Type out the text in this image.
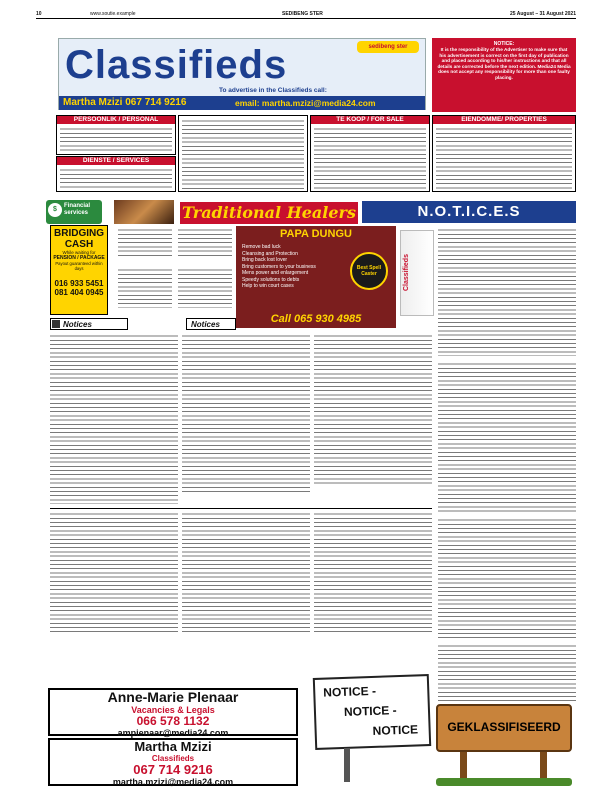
10	www.soutie.example	SEDIBENG STER	25 August – 31 August 2021
Classifieds	sedibeng ster
To advertise in the Classifieds call:
Martha Mzizi 067 714 9216	email: martha.mzizi@media24.com
NOTICE:
It is the responsibility of the Advertiser to make sure that his advertisement is correct on the first day of publication and placed according to his/her instructions and that all details are corrected before the next edition. Media24 Media does not accept any responsibility for more than one faulty placing.
PERSOONLIK / PERSONAL
DIENSTE / SERVICES
TE KOOP / FOR SALE	EIENDOMME/ PROPERTIES
$	Financial services
BRIDGING CASH
While waiting for
PENSION / PACKAGE
Payout guaranteed within days
016 933 5451
081 404 0945
Traditional Healers
PAPA DUNGU
Remove bad luck
Cleansing and Protection
Bring back lost lover
Bring customers to your business
Mens power and enlargement
Speedy solutions to debts
Help to win court cases
Best Spell Caster
Call 065 930 4985
Classifieds
N.O.T.I.C.E.S
Notices	Notices
Anne-Marie Plenaar
Vacancies & Legals
066 578 1132
ampienaar@media24.com
Martha Mzizi
Classifieds
067 714 9216
martha.mzizi@media24.com
NOTICE -
NOTICE -
NOTICE	GEKLASSIFISEERD
